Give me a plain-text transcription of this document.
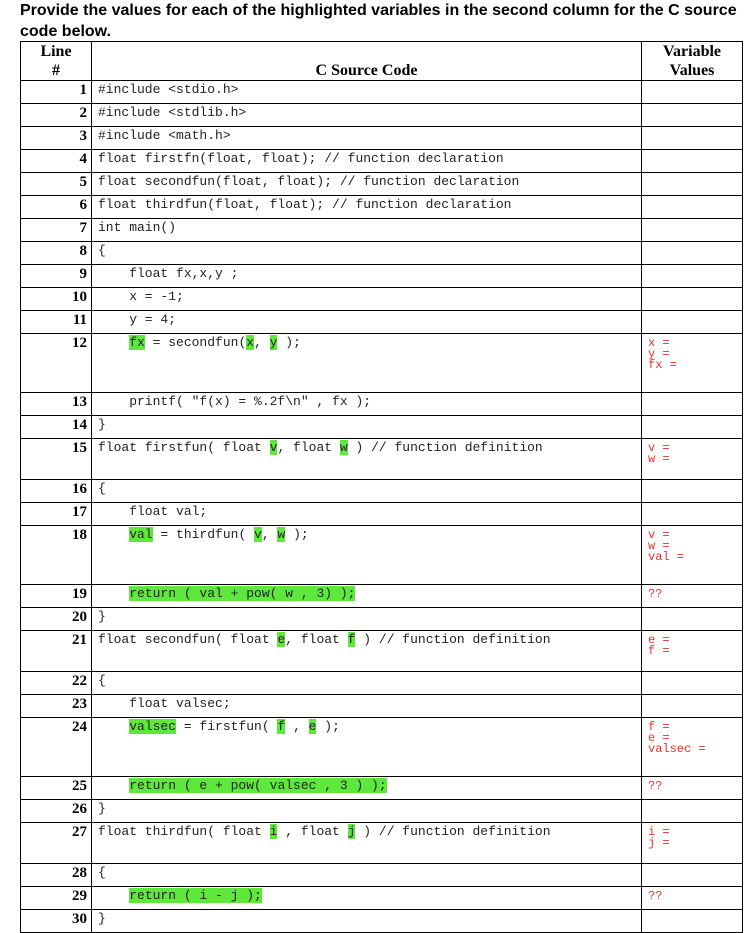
Provide the values for each of the highlighted variables in the second column for the C source code below.
Line
#	C Source Code	Variable
Values
1	#include <stdio.h>	
2	#include <stdlib.h>	
3	#include <math.h>	
4	float firstfn(float, float); // function declaration	
5	float secondfun(float, float); // function declaration	
6	float thirdfun(float, float); // function declaration	
7	int main()	
8	{	
9	float fx,x,y ;	
10	x = -1;	
11	y = 4;	
12	fx = secondfun(x, y );	x =
y =
fx =

13	printf( "f(x) = %.2f\n" , fx );	
14	}	
15	float firstfun( float v, float w ) // function definition	v =
w =

16	{	
17	float val;	
18	val = thirdfun( v, w );	v =
w =
val =

19	return ( val + pow( w , 3) );	??

20	}	
21	float secondfun( float e, float f ) // function definition	e =
f =

22	{	
23	float valsec;	
24	valsec = firstfun( f , e );	f =
e =
valsec =

25	return ( e + pow( valsec , 3 ) );	??

26	}	
27	float thirdfun( float i , float j ) // function definition	i =
j =

28	{	
29	return ( i - j );	??

30	}	
